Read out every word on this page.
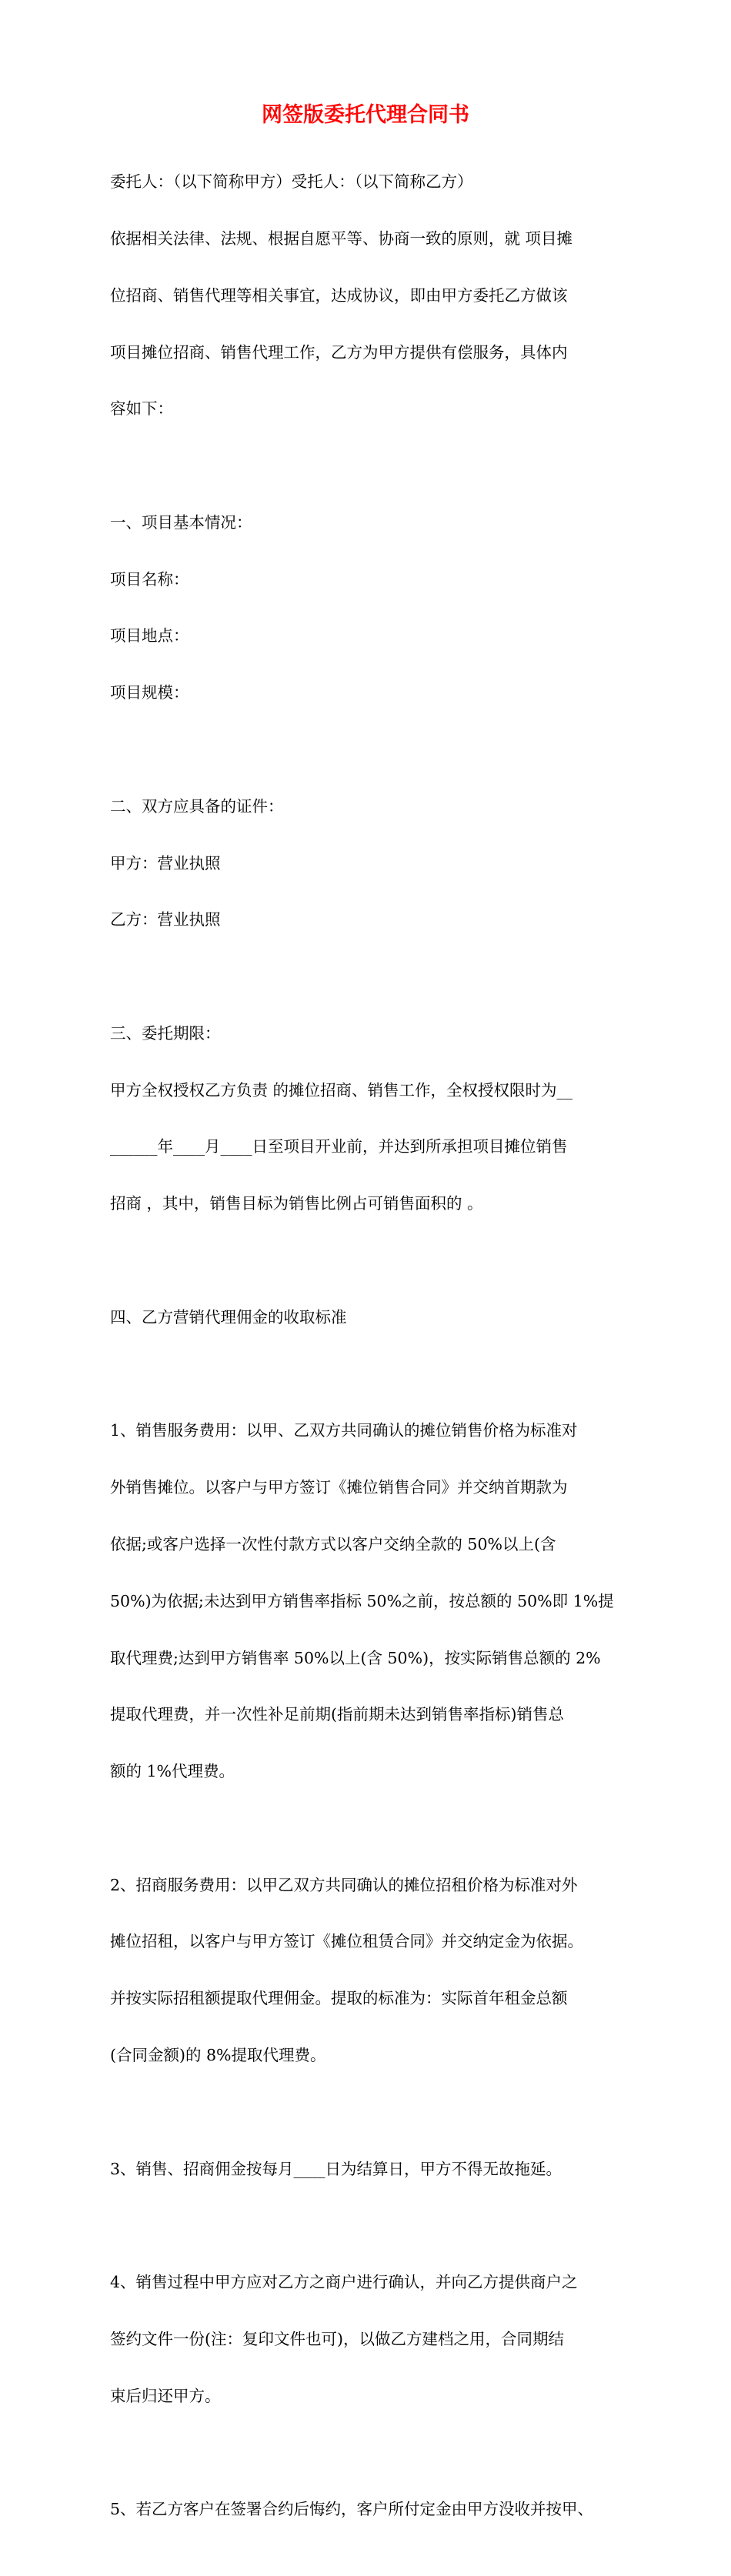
网签版委托代理合同书

委托人：（以下简称甲方）受托人：（以下简称乙方）

依据相关法律、法规、根据自愿平等、协商一致的原则，就 项目摊

位招商、销售代理等相关事宜，达成协议，即由甲方委托乙方做该

项目摊位招商、销售代理工作，乙方为甲方提供有偿服务，具体内

容如下：

一、项目基本情况：

项目名称：

项目地点：

项目规模：

二、双方应具备的证件：

甲方：营业执照

乙方：营业执照

三、委托期限：

甲方全权授权乙方负责 的摊位招商、销售工作，全权授权限时为__

______年____月____日至项目开业前，并达到所承担项目摊位销售

招商 ，其中，销售目标为销售比例占可销售面积的 。

四、乙方营销代理佣金的收取标准

1、销售服务费用：以甲、乙双方共同确认的摊位销售价格为标准对

外销售摊位。以客户与甲方签订《摊位销售合同》并交纳首期款为

依据;或客户选择一次性付款方式以客户交纳全款的 50%以上(含

50%)为依据;未达到甲方销售率指标 50%之前，按总额的 50%即 1%提

取代理费;达到甲方销售率 50%以上(含 50%)，按实际销售总额的 2%

提取代理费，并一次性补足前期(指前期未达到销售率指标)销售总

额的 1%代理费。

2、招商服务费用：以甲乙双方共同确认的摊位招租价格为标准对外

摊位招租，以客户与甲方签订《摊位租赁合同》并交纳定金为依据。

并按实际招租额提取代理佣金。提取的标准为：实际首年租金总额

(合同金额)的 8%提取代理费。

3、销售、招商佣金按每月____日为结算日，甲方不得无故拖延。

4、销售过程中甲方应对乙方之商户进行确认，并向乙方提供商户之

签约文件一份(注：复印文件也可)，以做乙方建档之用，合同期结

束后归还甲方。

5、若乙方客户在签署合约后悔约，客户所付定金由甲方没收并按甲、
